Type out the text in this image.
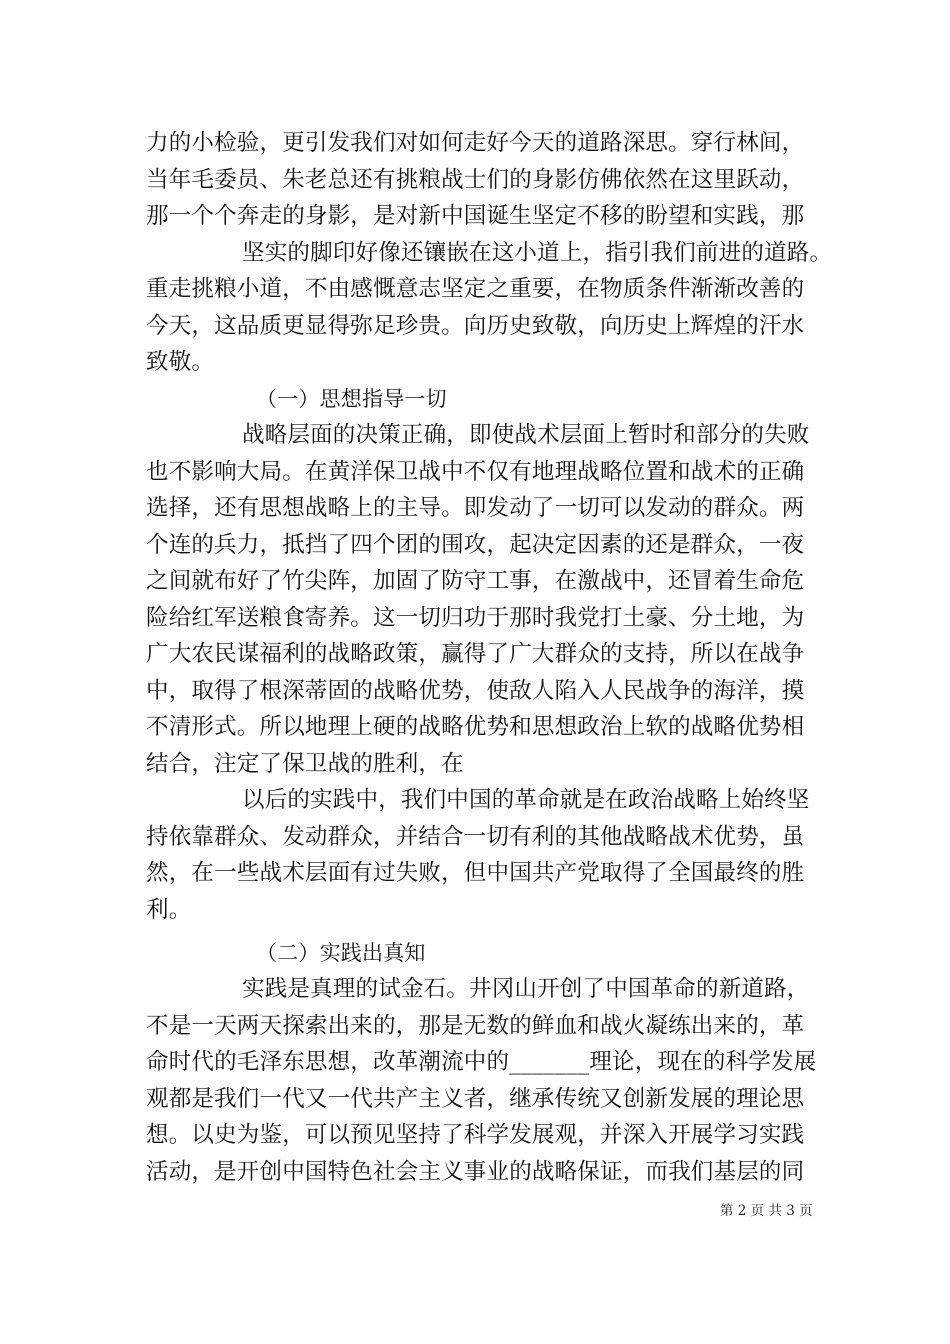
力的小检验，更引发我们对如何走好今天的道路深思。穿行林间，
当年毛委员、朱老总还有挑粮战士们的身影仿佛依然在这里跃动，
那一个个奔走的身影，是对新中国诞生坚定不移的盼望和实践，那
坚实的脚印好像还镶嵌在这小道上，指引我们前进的道路。
重走挑粮小道，不由感慨意志坚定之重要，在物质条件渐渐改善的
今天，这品质更显得弥足珍贵。向历史致敬，向历史上辉煌的汗水
致敬。
（一）思想指导一切
战略层面的决策正确，即使战术层面上暂时和部分的失败
也不影响大局。在黄洋保卫战中不仅有地理战略位置和战术的正确
选择，还有思想战略上的主导。即发动了一切可以发动的群众。两
个连的兵力，抵挡了四个团的围攻，起决定因素的还是群众，一夜
之间就布好了竹尖阵，加固了防守工事，在激战中，还冒着生命危
险给红军送粮食寄养。这一切归功于那时我党打土豪、分土地，为
广大农民谋福利的战略政策，赢得了广大群众的支持，所以在战争
中，取得了根深蒂固的战略优势，使敌人陷入人民战争的海洋，摸
不清形式。所以地理上硬的战略优势和思想政治上软的战略优势相
结合，注定了保卫战的胜利，在
以后的实践中，我们中国的革命就是在政治战略上始终坚
持依靠群众、发动群众，并结合一切有利的其他战略战术优势，虽
然，在一些战术层面有过失败，但中国共产党取得了全国最终的胜
利。
（二）实践出真知
实践是真理的试金石。井冈山开创了中国革命的新道路，
不是一天两天探索出来的，那是无数的鲜血和战火凝练出来的，革
命时代的毛泽东思想，改革潮流中的_______理论，现在的科学发展
观都是我们一代又一代共产主义者，继承传统又创新发展的理论思
想。以史为鉴，可以预见坚持了科学发展观，并深入开展学习实践
活动，是开创中国特色社会主义事业的战略保证，而我们基层的同
第 2 页 共 3 页
